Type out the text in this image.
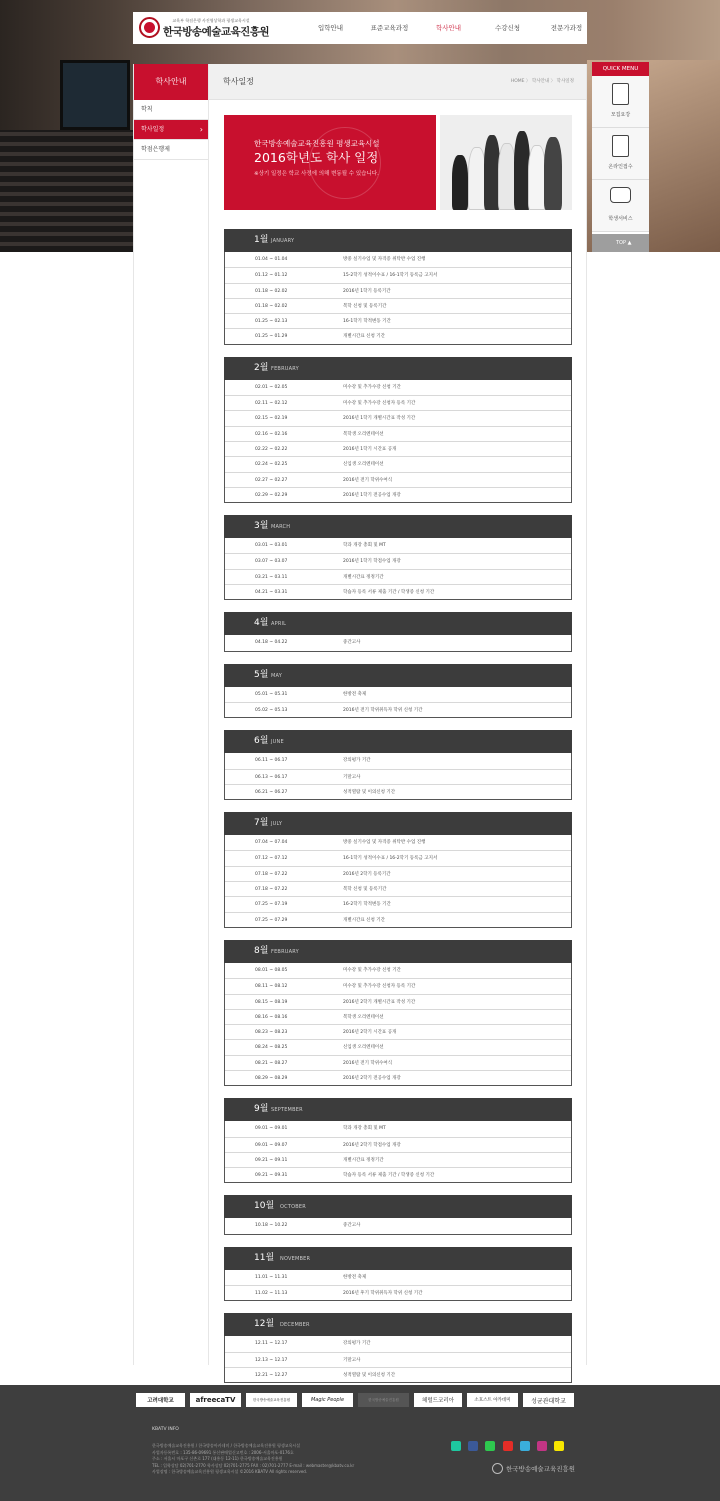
교육부 학점은행 사진영상학과 평생교육시설
한국방송예술교육진흥원	입학안내	표준교육과정	학사안내	수강신청	전문가과정
학사안내
학칙
학사일정 ›
학점은행제
학사일정	HOME 〉 학사안내 〉 학사일정
한국방송예술교육진흥원 평생교육시설
2016학년도 학사 일정
※상기 일정은 학교 사정에 의해 변동될 수 있습니다.
1월 JANUARY
01.04 ~ 01.04	방중 실기수업 및 자격증 위탁반 수업 진행
01.12 ~ 01.12	15-2학기 성적이수표 / 16-1학기 등록금 고지서
01.18 ~ 02.02	2016년 1학기 등록기간
01.18 ~ 02.02	복학 신청 및 등록기간
01.25 ~ 02.13	16-1학기 학적변동 기간
01.25 ~ 01.29	개별시간표 신청 기간
2월 FEBRUARY
02.01 ~ 02.05	미수강 및 추가수강 신청 기간
02.11 ~ 02.12	미수강 및 추가수강 신청자 등록 기간
02.15 ~ 02.19	2016년 1학기 개별시간표 작성 기간
02.16 ~ 02.16	복학생 오리엔테이션
02.22 ~ 02.22	2016년 1학기 시간표 공개
02.24 ~ 02.25	신입생 오리엔테이션
02.27 ~ 02.27	2016년 전기 학위수여식
02.29 ~ 02.29	2016년 1학기 전공수업 개강
3월 MARCH
03.01 ~ 03.01	학과 개강 총회 및 MT
03.07 ~ 03.07	2016년 1학기 학점수업 개강
03.21 ~ 03.11	개별시간표 정정기간
04.21 ~ 03.31	학습자 등록 서류 제출 기간 / 학생증 신청 기간
4월 APRIL
04.18 ~ 04.22	중간고사
5월 MAY
05.01 ~ 05.31	한방전 축제
05.02 ~ 05.13	2016년 전기 학위취득자 학위 신청 기간
6월 JUNE
06.11 ~ 06.17	강의평가 기간
06.13 ~ 06.17	기말고사
06.21 ~ 06.27	성적열람 및 이의신청 기간
7월 JULY
07.04 ~ 07.04	방중 실기수업 및 자격증 위탁반 수업 진행
07.12 ~ 07.12	16-1학기 성적이수표 / 16-2학기 등록금 고지서
07.18 ~ 07.22	2016년 2학기 등록기간
07.18 ~ 07.22	복학 신청 및 등록기간
07.25 ~ 07.19	16-2학기 학적변동 기간
07.25 ~ 07.29	개별시간표 신청 기간
8월 FEBRUARY
08.01 ~ 08.05	미수강 및 추가수강 신청 기간
08.11 ~ 08.12	미수강 및 추가수강 신청자 등록 기간
08.15 ~ 08.19	2016년 2학기 개별시간표 작성 기간
08.16 ~ 08.16	복학생 오리엔테이션
08.23 ~ 08.23	2016년 2학기 시간표 공개
08.24 ~ 08.25	신입생 오리엔테이션
08.21 ~ 08.27	2016년 전기 학위수여식
08.29 ~ 08.29	2016년 2학기 전공수업 개강
9월 SEPTEMBER
09.01 ~ 09.01	학과 개강 총회 및 MT
09.01 ~ 09.07	2016년 2학기 학점수업 개강
09.21 ~ 09.11	개별시간표 정정기간
09.21 ~ 09.31	학습자 등록 서류 제출 기간 / 학생증 신청 기간
10월 OCTOBER
10.18 ~ 10.22	중간고사
11월 NOVEMBER
11.01 ~ 11.31	한방전 축제
11.02 ~ 11.13	2016년 후기 학위취득자 학위 신청 기간
12월 DECEMBER
12.11 ~ 12.17	강의평가 기간
12.13 ~ 12.17	기말고사
12.21 ~ 12.27	성적열람 및 이의신청 기간
QUICK MENU
모집요강
온라인접수
학생서비스
TOP ▲
고려대학교	afreecaTV	한국방송예술교육진흥원	Magic People	한국방송예술진흥원	헤럴드코리아	소호스트 아카데미	성균관대학교
KBATV INFO
한국방송예술교육진흥원 / 한국방송아카데미 / 한국방송예술교육진흥원 평생교육시설
사업자등록번호 : 135-86-09691 통신판매업신고번호 : 2006-서울마포-0176호
주소 : 서울시 마포구 신촌로 177 (대흥동 12-11) 한국방송예술교육진흥원
TEL : 입학상담 02)701-2770 학사상담 02)701-2775 FAX : 02)701-2777 E-mail : webmaster@kbatv.co.kr
사업장명 : 한국방송예술교육진흥원 평생교육시설 ©2016 KBATV All rights reserved.	한국방송예술교육진흥원
